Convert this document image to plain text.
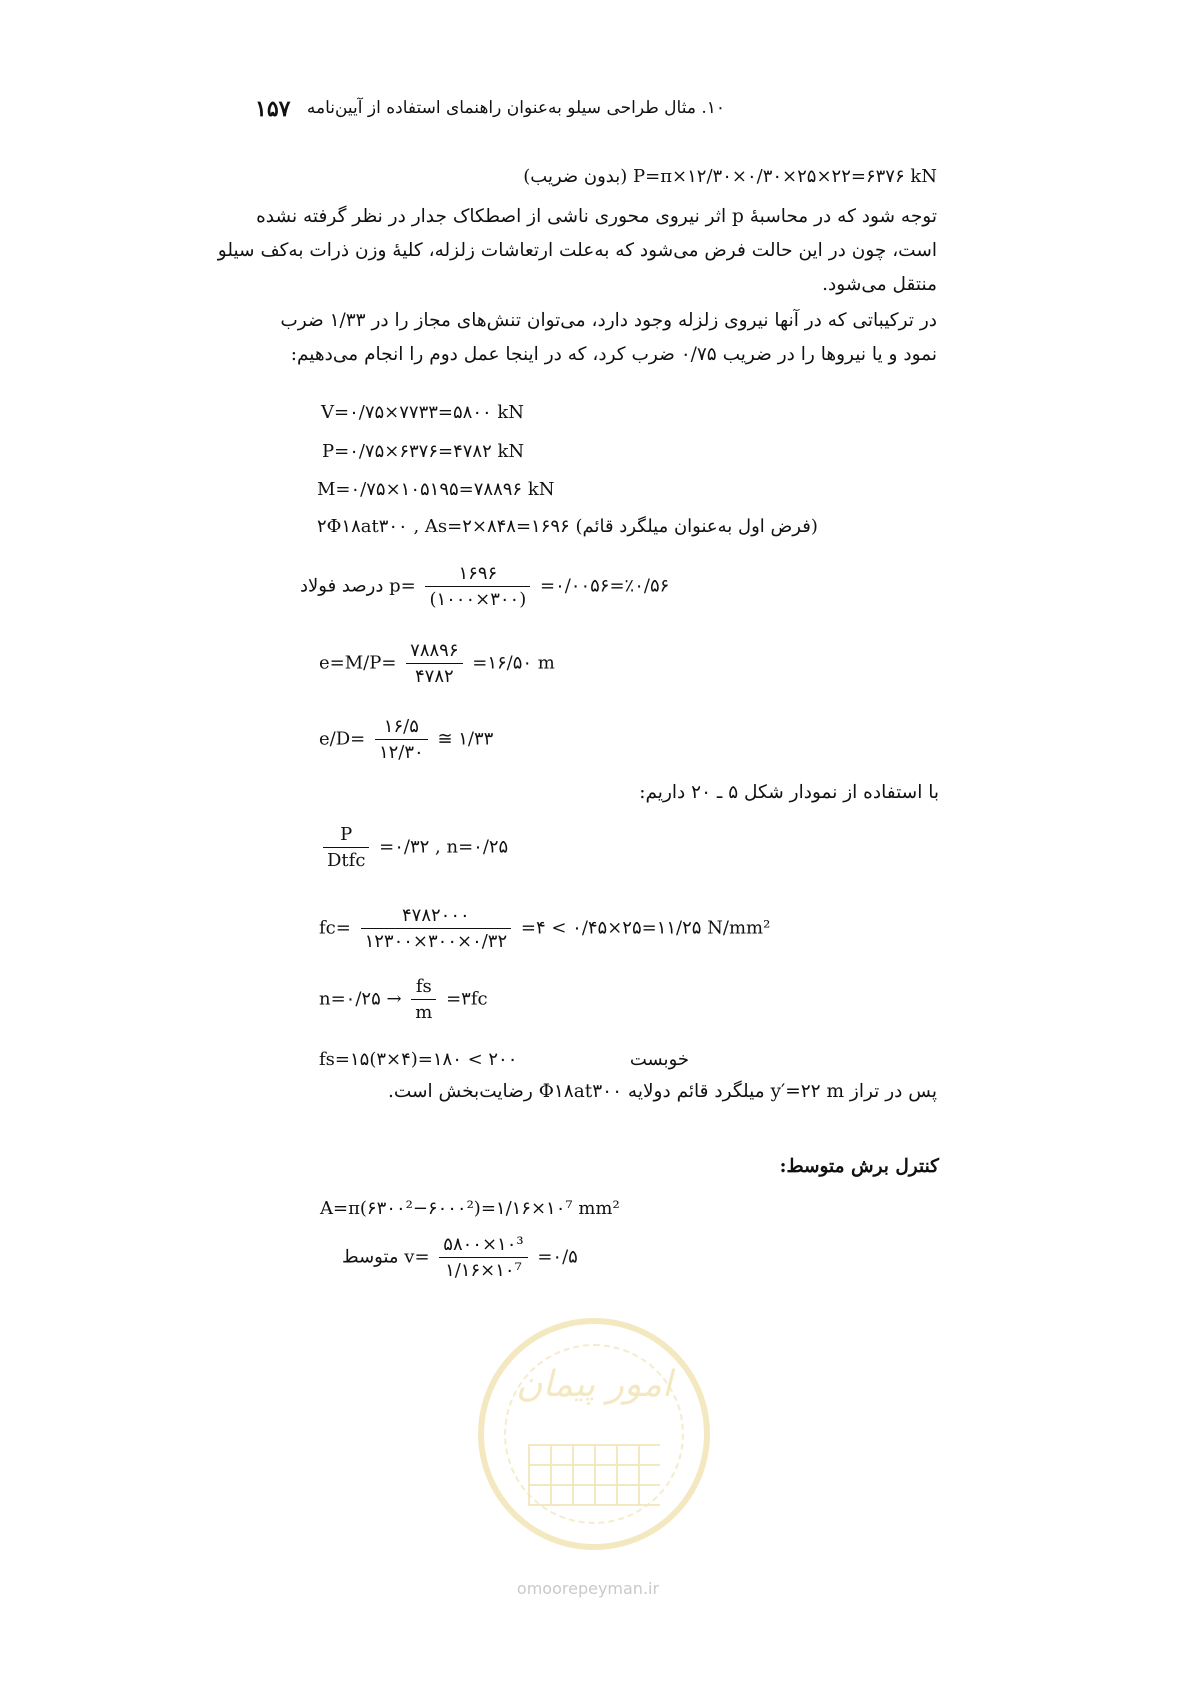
۱۵۷ ۱۰. مثال طراحی سیلو به‌عنوان راهنمای استفاده از آیین‌نامه
(بدون ضریب) P=π×۱۲/۳۰×۰/۳۰×۲۵×۲۲=۶۳۷۶ kN
توجه شود که در محاسبهٔ p اثر نیروی محوری ناشی از اصطکاک جدار در نظر گرفته نشده
است، چون در این حالت فرض می‌شود که به‌علت ارتعاشات زلزله، کلیهٔ وزن ذرات به‌کف سیلو
منتقل می‌شود.
در ترکیباتی که در آنها نیروی زلزله وجود دارد، می‌توان تنش‌های مجاز را در ۱/۳۳ ضرب
نمود و یا نیروها را در ضریب ۰/۷۵ ضرب کرد، که در اینجا عمل دوم را انجام می‌دهیم:
V=۰/۷۵×۷۷۳۳=۵۸۰۰ kN
P=۰/۷۵×۶۳۷۶=۴۷۸۲ kN
M=۰/۷۵×۱۰۵۱۹۵=۷۸۸۹۶ kN
۲Φ۱۸at۳۰۰ , As=۲×۸۴۸=۱۶۹۶ (فرض اول به‌عنوان میلگرد قائم)
درصد فولاد $p= \frac{۱۶۹۶}{(۱۰۰۰\times ۳۰۰)}$ =۰/۰۰۵۶=٪۰/۵۶
$e=M/P= \frac{۷۸۸۹۶}{۴۷۸۲}$ =۱۶/۵۰ m
$e/D= \frac{۱۶/۵}{۱۲/۳۰}$ ≅ ۱/۳۳
با استفاده از نمودار شکل ۵ ـ ۲۰ داریم:
$\frac{P}{\text{Dtfc}}$ =۰/۳۲ , n=۰/۲۵
$fc= \frac{۴۷۸۲۰۰۰}{۱۲۳۰۰\times ۳۰۰\times ۰/۳۲}$ =۴ < ۰/۴۵×۲۵=۱۱/۲۵ N/mm²
n=۰/۲۵ → $\frac{fs}{m}$ =۳fc
fs=۱۵(۳×۴)=۱۸۰ < ۲۰۰	خوبست
پس در تراز y′=۲۲ m میلگرد قائم دولایه Φ۱۸at۳۰۰ رضایت‌بخش است.
کنترل برش متوسط:
A=π(۶۳۰۰²−۶۰۰۰²)=۱/۱۶×۱۰⁷ mm²
متوسط $v= \frac{\text{۵۸۰۰×۱۰³}}{\text{۱/۱۶×۱۰⁷}}$ =۰/۵
امور پیمان
omoorepeyman.ir
